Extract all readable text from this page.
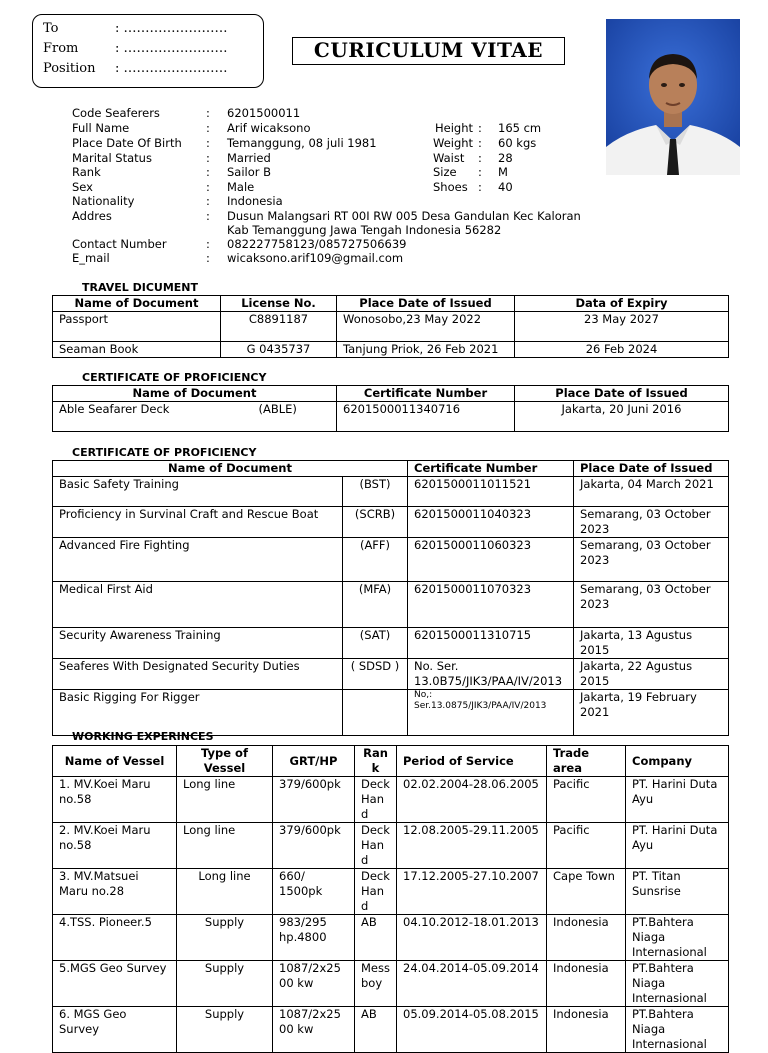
To	: ……………………
From	: ……………………
Position : ……………………
CURICULUM VITAE
Code Seaferers	: 6201500011
Full Name	: Arif wicaksono
Place Date Of Birth : Temanggung, 08 juli 1981
Marital Status	: Married
Rank	: Sailor B
Sex	: Male
Nationality	: Indonesia
Addres	: Dusun Malangsari RT 00I RW 005 Desa Gandulan Kec Kaloran
Kab Temanggung Jawa Tengah Indonesia 56282
Contact Number	: 082227758123/085727506639
E_mail	: wicaksono.arif109@gmail.com
Height : 165 cm
Weight : 60 kgs
Waist : 28
Size : M
Shoes : 40
TRAVEL DICUMENT
Name of Document	License No.	Place Date of Issued	Data of Expiry
Passport	C8891187	Wonosobo,23 May 2022	23 May 2027
Seaman Book	G 0435737	Tanjung Priok, 26 Feb 2021	26 Feb 2024
CERTIFICATE OF PROFICIENCY
Name of Document		Certificate Number	Place Date of Issued
Able Seafarer Deck	(ABLE)	6201500011340716	Jakarta, 20 Juni 2016
CERTIFICATE OF PROFICIENCY
Name of Document		Certificate Number	Place Date of Issued
Basic Safety Training	(BST)	6201500011011521	Jakarta, 04 March 2021
Proficiency in Survinal Craft and Rescue Boat	(SCRB)	6201500011040323	Semarang, 03 October 2023
Advanced Fire Fighting	(AFF)	6201500011060323	Semarang, 03 October 2023
Medical First Aid	(MFA)	6201500011070323	Semarang, 03 October 2023
Security Awareness Training	(SAT)	6201500011310715	Jakarta, 13 Agustus 2015
Seaferes With Designated Security Duties	( SDSD )	No. Ser. 13.0B75/JIK3/PAA/IV/2013	Jakarta, 22 Agustus 2015
Basic Rigging For Rigger		No,: Ser.13.0875/JIK3/PAA/IV/2013	Jakarta, 19 February 2021
WORKING EXPERINCES
Name of Vessel	Type of Vessel	GRT/HP	Rank	Period of Service	Trade area	Company
1. MV.Koei Maru no.58	Long line	379/600pk	Deck Hand	02.02.2004-28.06.2005	Pacific	PT. Harini Duta Ayu
2. MV.Koei Maru no.58	Long line	379/600pk	Deck Hand	12.08.2005-29.11.2005	Pacific	PT. Harini Duta Ayu
3. MV.Matsuei Maru no.28	Long line	660/ 1500pk	Deck Hand	17.12.2005-27.10.2007	Cape Town	PT. Titan Sunsrise
4.TSS. Pioneer.5	Supply	983/295 hp.4800	AB	04.10.2012-18.01.2013	Indonesia	PT.Bahtera Niaga Internasional
5.MGS Geo Survey	Supply	1087/2x25 00 kw	Mess boy	24.04.2014-05.09.2014	Indonesia	PT.Bahtera Niaga Internasional
6. MGS Geo Survey	Supply	1087/2x25 00 kw	AB	05.09.2014-05.08.2015	Indonesia	PT.Bahtera Niaga Internasional
